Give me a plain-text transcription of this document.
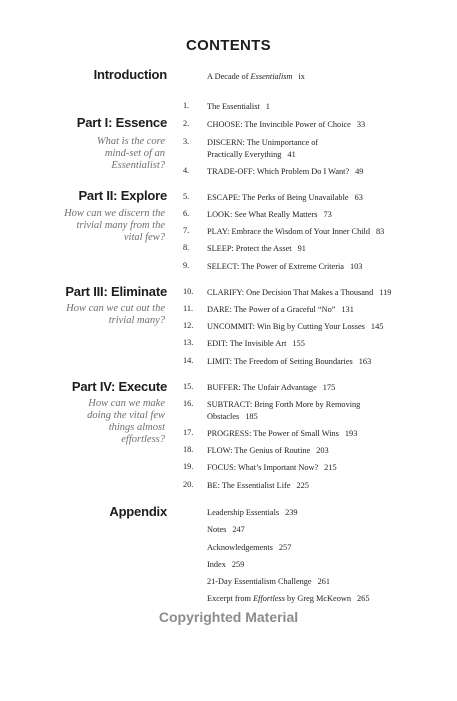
CONTENTS
Introduction	A Decade of Essentialism ix
Part I: Essence
What is the core mind-set of an Essentialist?
Part II: Explore
How can we discern the trivial many from the vital few?
Part III: Eliminate
How can we cut out the trivial many?
Part IV: Execute
How can we make doing the vital few things almost effortless?
1.	The Essentialist 1
2.	CHOOSE: The Invincible Power of Choice 33
3.	DISCERN: The Unimportance of
Practically Everything 41
4.	TRADE-OFF: Which Problem Do I Want? 49
5.	ESCAPE: The Perks of Being Unavailable 63
6.	LOOK: See What Really Matters 73
7.	PLAY: Embrace the Wisdom of Your Inner Child 83
8.	SLEEP: Protect the Asset 91
9.	SELECT: The Power of Extreme Criteria 103
10.	CLARIFY: One Decision That Makes a Thousand 119
11.	DARE: The Power of a Graceful “No” 131
12.	UNCOMMIT: Win Big by Cutting Your Losses 145
13.	EDIT: The Invisible Art 155
14.	LIMIT: The Freedom of Setting Boundaries 163
15.	BUFFER: The Unfair Advantage 175
16.	SUBTRACT: Bring Forth More by Removing
Obstacles 185
17.	PROGRESS: The Power of Small Wins 193
18.	FLOW: The Genius of Routine 203
19.	FOCUS: What’s Important Now? 215
20.	BE: The Essentialist Life 225
Appendix	Leadership Essentials 239
Notes 247
Acknowledgements 257
Index 259
21-Day Essentialism Challenge 261
Excerpt from Effortless by Greg McKeown 265
Copyrighted Material
